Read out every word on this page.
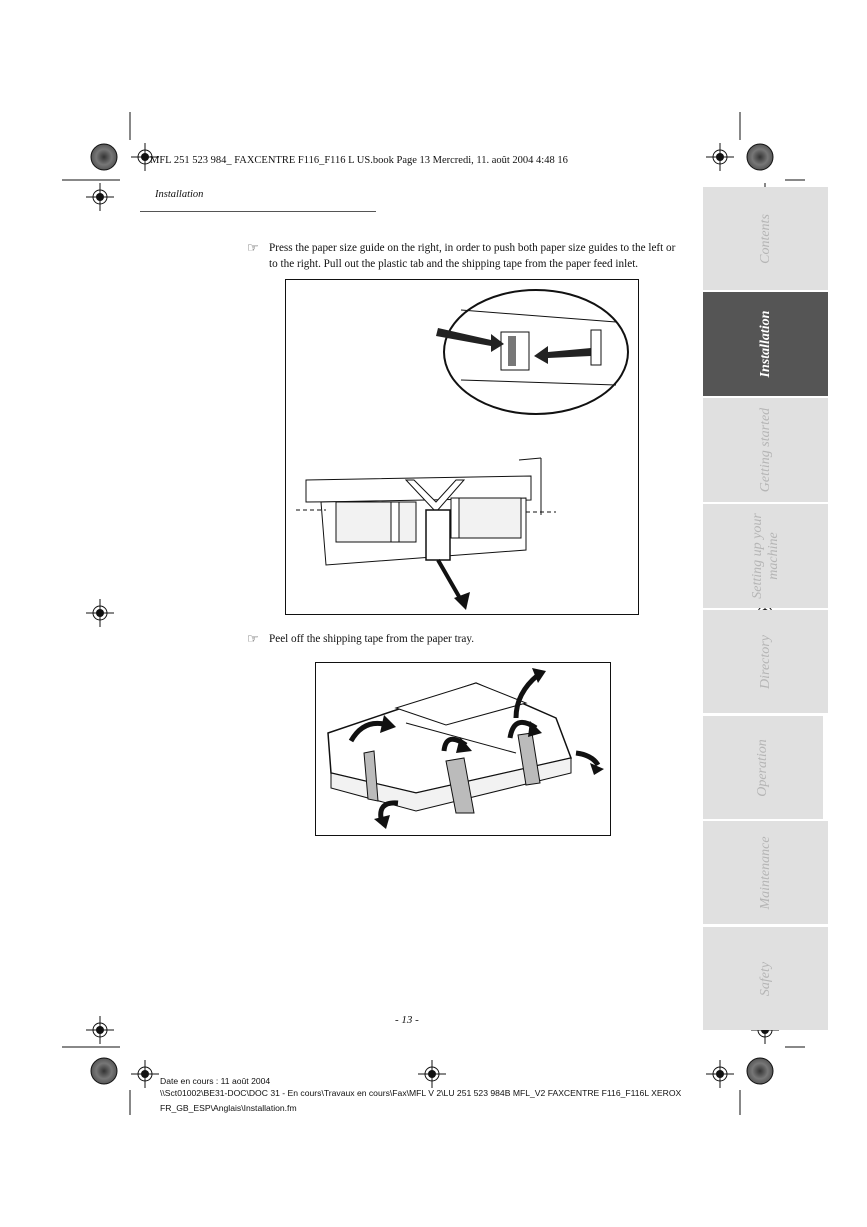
MFL 251 523 984_ FAXCENTRE F116_F116 L US.book Page 13 Mercredi, 11. août 2004 4:48 16
Installation
☞ Press the paper size guide on the right, in order to push both paper size guides to the left or
to the right. Pull out the plastic tab and the shipping tape from the paper feed inlet.
☞ Peel off the shipping tape from the paper tray.
Contents
Installation
Getting started
Setting up your machine
Directory
Operation
Maintenance
Safety
- 13 -
Date en cours : 11 août 2004
\\Sct01002\BE31-DOC\DOC 31 - En cours\Travaux en cours\Fax\MFL V 2\LU 251 523 984B MFL_V2 FAXCENTRE F116_F116L XEROX
FR_GB_ESP\Anglais\Installation.fm
